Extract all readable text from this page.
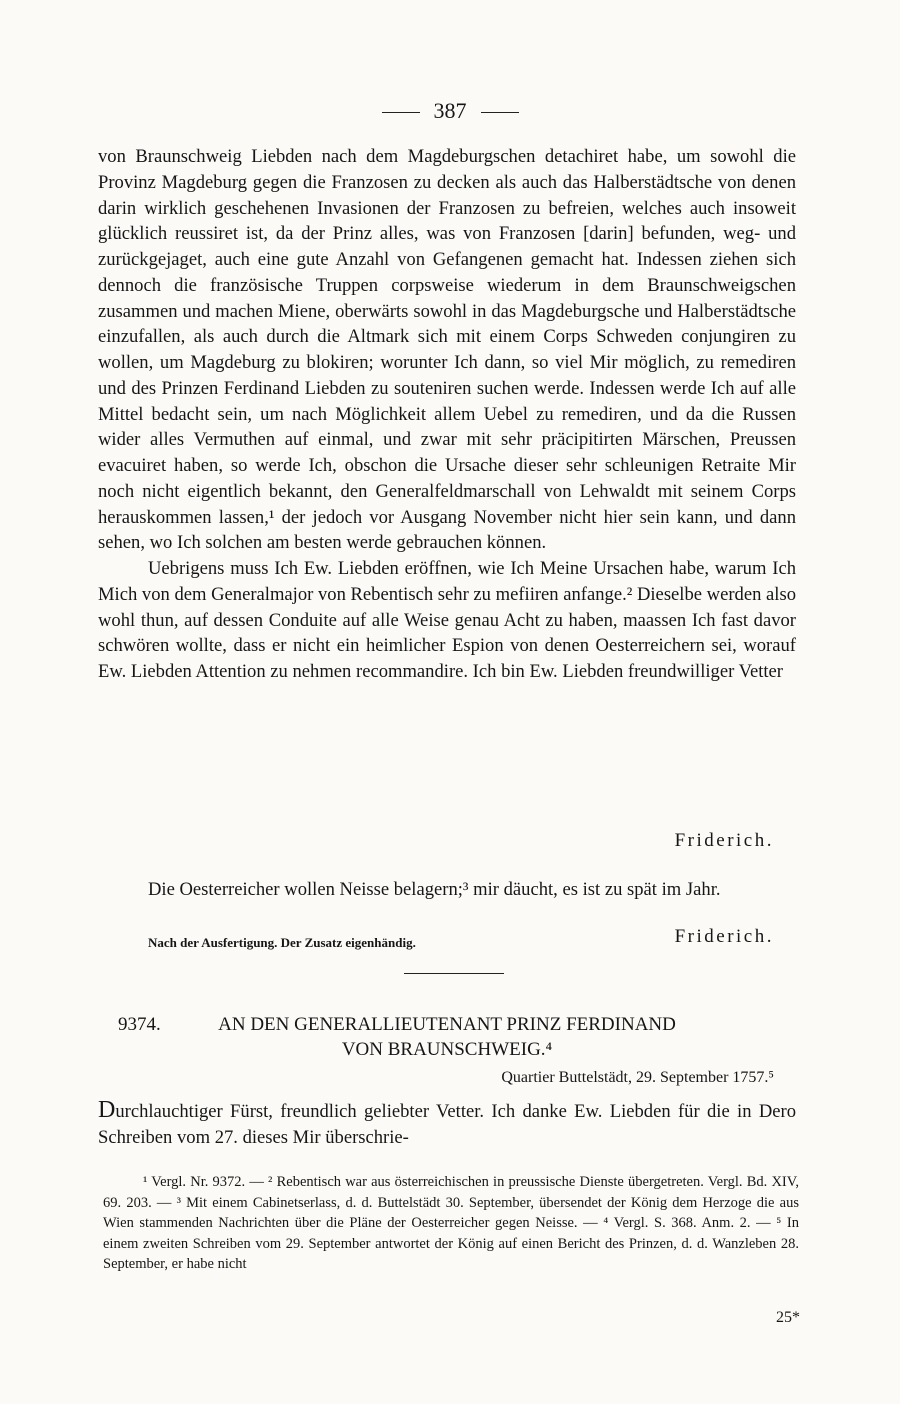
387

von Braunschweig Liebden nach dem Magdeburgschen detachiret habe, um sowohl die Provinz Magdeburg gegen die Franzosen zu decken als auch das Halberstädtsche von denen darin wirklich geschehenen Invasionen der Franzosen zu befreien, welches auch insoweit glücklich reussiret ist, da der Prinz alles, was von Franzosen [darin] befunden, weg- und zurückgejaget, auch eine gute Anzahl von Gefangenen gemacht hat. Indessen ziehen sich dennoch die französische Truppen corpsweise wiederum in dem Braunschweigschen zusammen und machen Miene, oberwärts sowohl in das Magdeburgsche und Halberstädtsche einzufallen, als auch durch die Altmark sich mit einem Corps Schweden conjungiren zu wollen, um Magdeburg zu blokiren; worunter Ich dann, so viel Mir möglich, zu remediren und des Prinzen Ferdinand Liebden zu souteniren suchen werde. Indessen werde Ich auf alle Mittel bedacht sein, um nach Möglichkeit allem Uebel zu remediren, und da die Russen wider alles Vermuthen auf einmal, und zwar mit sehr präcipitirten Märschen, Preussen evacuiret haben, so werde Ich, obschon die Ursache dieser sehr schleunigen Retraite Mir noch nicht eigentlich bekannt, den Generalfeldmarschall von Lehwaldt mit seinem Corps herauskommen lassen,¹ der jedoch vor Ausgang November nicht hier sein kann, und dann sehen, wo Ich solchen am besten werde gebrauchen können.

Uebrigens muss Ich Ew. Liebden eröffnen, wie Ich Meine Ursachen habe, warum Ich Mich von dem Generalmajor von Rebentisch sehr zu mefiiren anfange.² Dieselbe werden also wohl thun, auf dessen Conduite auf alle Weise genau Acht zu haben, maassen Ich fast davor schwören wollte, dass er nicht ein heimlicher Espion von denen Oesterreichern sei, worauf Ew. Liebden Attention zu nehmen recommandire. Ich bin Ew. Liebden freundwilliger Vetter

Friderich.

Die Oesterreicher wollen Neisse belagern;³ mir däucht, es ist zu spät im Jahr.

Nach der Ausfertigung. Der Zusatz eigenhändig.	Friderich.
9374.	AN DEN GENERALLIEUTENANT PRINZ FERDINAND
VON BRAUNSCHWEIG.⁴
Quartier Buttelstädt, 29. September 1757.⁵
Durchlauchtiger Fürst, freundlich geliebter Vetter. Ich danke Ew. Liebden für die in Dero Schreiben vom 27. dieses Mir überschrie-

¹ Vergl. Nr. 9372. — ² Rebentisch war aus österreichischen in preussische Dienste übergetreten. Vergl. Bd. XIV, 69. 203. — ³ Mit einem Cabinetserlass, d. d. Buttelstädt 30. September, übersendet der König dem Herzoge die aus Wien stammenden Nachrichten über die Pläne der Oesterreicher gegen Neisse. — ⁴ Vergl. S. 368. Anm. 2. — ⁵ In einem zweiten Schreiben vom 29. September antwortet der König auf einen Bericht des Prinzen, d. d. Wanzleben 28. September, er habe nicht

25*
